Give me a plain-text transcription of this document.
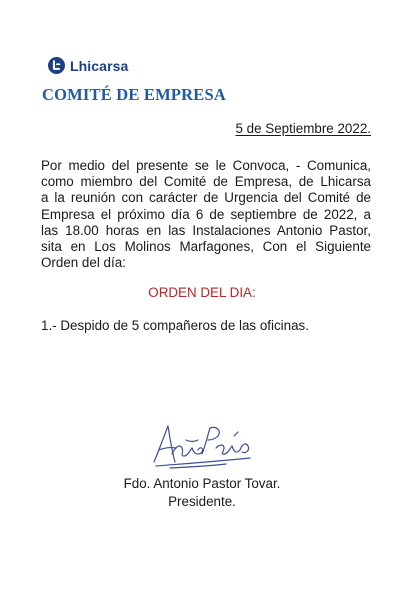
Lhicarsa
COMITÉ DE EMPRESA
5 de Septiembre 2022.
Por medio del presente se le Convoca, - Comunica,
como miembro del Comité de Empresa, de Lhicarsa
a la reunión con carácter de Urgencia del Comité de
Empresa el próximo día 6 de septiembre de 2022, a
las 18.00 horas en las Instalaciones Antonio Pastor,
sita en Los Molinos Marfagones, Con el Siguiente
Orden del día:
ORDEN DEL DIA:
1.- Despido de 5 compañeros de las oficinas.
Fdo. Antonio Pastor Tovar.
Presidente.
